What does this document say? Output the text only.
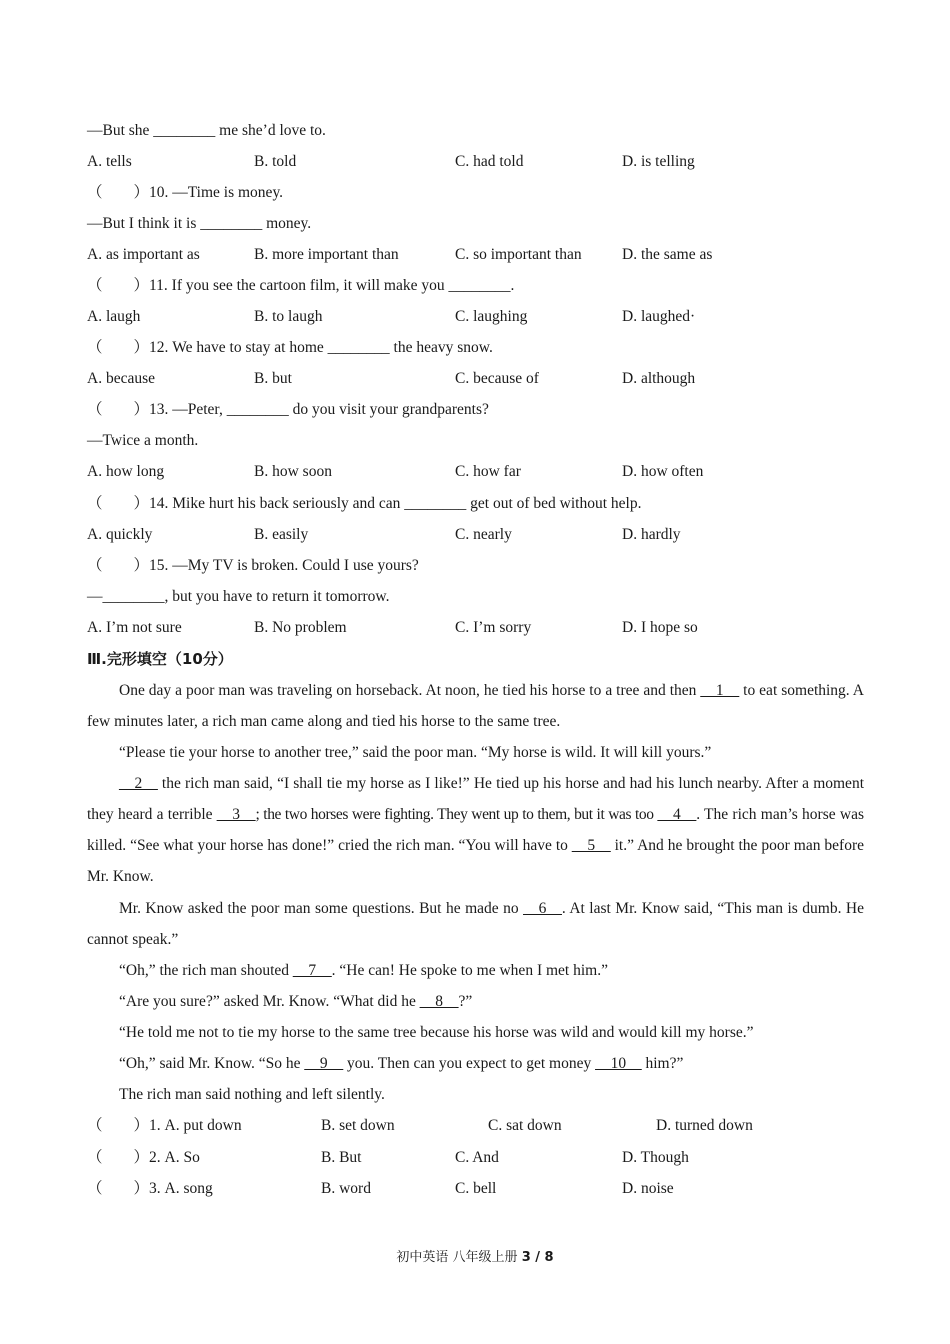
—But she ________ me she’d love to.
A. tells	B. told	C. had told	D. is telling
（　　）10. —Time is money.
—But I think it is ________ money.
A. as important as	B. more important than	C. so important than	D. the same as
（　　）11. If you see the cartoon film, it will make you ________.
A. laugh	B. to laugh	C. laughing	D. laughed·
（　　）12. We have to stay at home ________ the heavy snow.
A. because	B. but	C. because of	D. although
（　　）13. —Peter, ________ do you visit your grandparents?
—Twice a month.
A. how long	B. how soon	C. how far	D. how often
（　　）14. Mike hurt his back seriously and can ________ get out of bed without help.
A. quickly	B. easily	C. nearly	D. hardly
（　　）15. —My TV is broken. Could I use yours?
—________, but you have to return it tomorrow.
A. I’m not sure	B. No problem	C. I’m sorry	D. I hope so
Ⅲ.完形填空（10分）
One day a poor man was traveling on horseback. At noon, he tied his horse to a tree and then __1__ to eat something. A few minutes later, a rich man came along and tied his horse to the same tree.
“Please tie your horse to another tree,” said the poor man. “My horse is wild. It will kill yours.”
__2__ the rich man said, “I shall tie my horse as I like!” He tied up his horse and had his lunch nearby. After a moment they heard a terrible __3__; the two horses were fighting. They went up to them, but it was too __4__. The rich man’s horse was killed. “See what your horse has done!” cried the rich man. “You will have to __5__ it.” And he brought the poor man before Mr. Know.
Mr. Know asked the poor man some questions. But he made no __6__. At last Mr. Know said, “This man is dumb. He cannot speak.”
“Oh,” the rich man shouted __7__. “He can! He spoke to me when I met him.”
“Are you sure?” asked Mr. Know. “What did he __8__?”
“He told me not to tie my horse to the same tree because his horse was wild and would kill my horse.”
“Oh,” said Mr. Know. “So he __9__ you. Then can you expect to get money __10__ him?”
The rich man said nothing and left silently.
（　　）1. A. put down	B. set down	C. sat down	D. turned down
（　　）2. A. So	B. But	C. And	D. Though
（　　）3. A. song	B. word	C. bell	D. noise
初中英语 八年级上册 3 / 8
